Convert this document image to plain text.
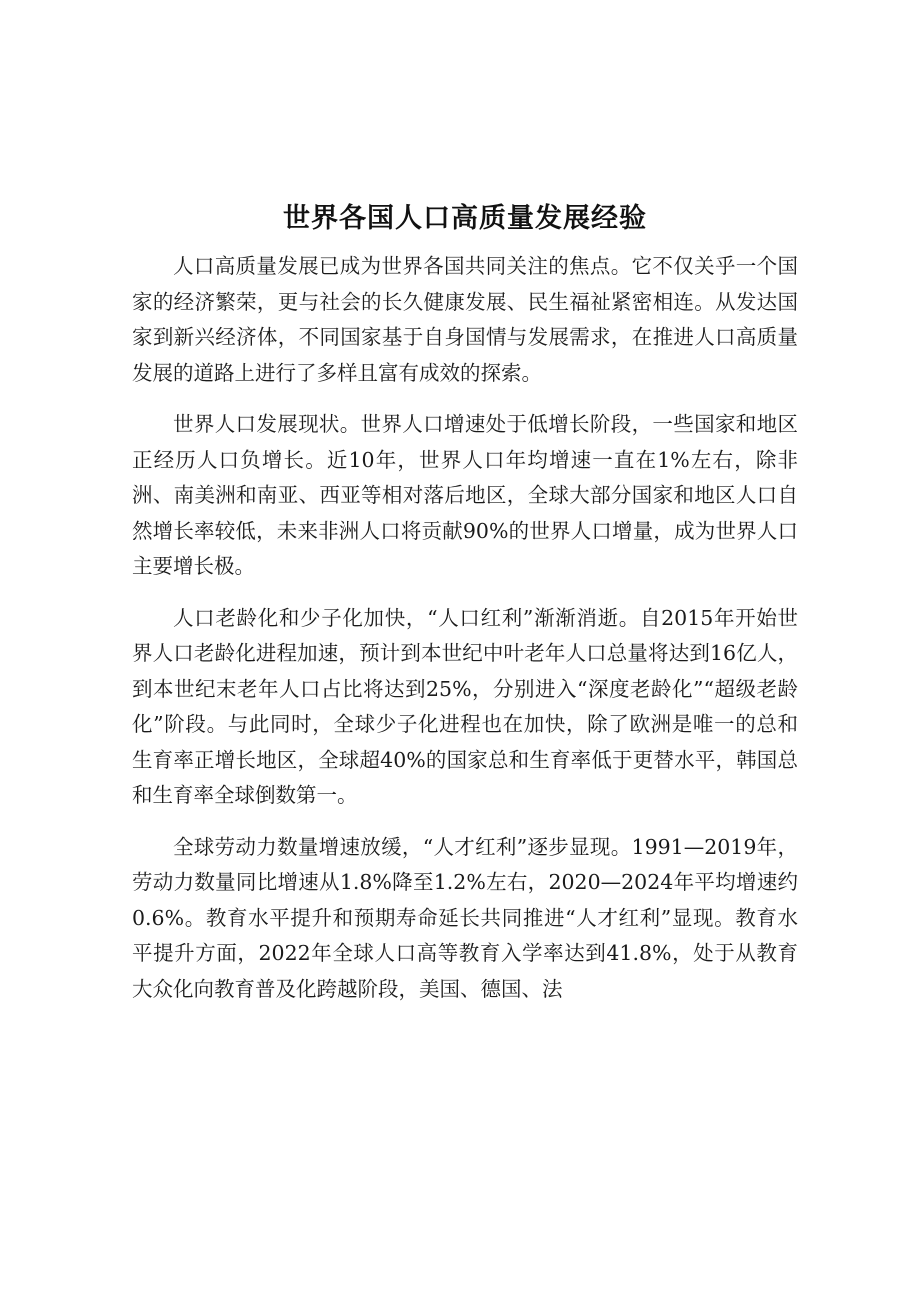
世界各国人口高质量发展经验

人口高质量发展已成为世界各国共同关注的焦点。它不仅关乎一个国家的经济繁荣，更与社会的长久健康发展、民生福祉紧密相连。从发达国家到新兴经济体，不同国家基于自身国情与发展需求，在推进人口高质量发展的道路上进行了多样且富有成效的探索。

世界人口发展现状。世界人口增速处于低增长阶段，一些国家和地区正经历人口负增长。近10年，世界人口年均增速一直在1%左右，除非洲、南美洲和南亚、西亚等相对落后地区，全球大部分国家和地区人口自然增长率较低，未来非洲人口将贡献90%的世界人口增量，成为世界人口主要增长极。

人口老龄化和少子化加快，“人口红利”渐渐消逝。自2015年开始世界人口老龄化进程加速，预计到本世纪中叶老年人口总量将达到16亿人，到本世纪末老年人口占比将达到25%，分别进入“深度老龄化”“超级老龄化”阶段。与此同时，全球少子化进程也在加快，除了欧洲是唯一的总和生育率正增长地区，全球超40%的国家总和生育率低于更替水平，韩国总和生育率全球倒数第一。

全球劳动力数量增速放缓，“人才红利”逐步显现。1991—2019年，劳动力数量同比增速从1.8%降至1.2%左右，2020—2024年平均增速约0.6%。教育水平提升和预期寿命延长共同推进“人才红利”显现。教育水平提升方面，2022年全球人口高等教育入学率达到41.8%，处于从教育大众化向教育普及化跨越阶段，美国、德国、法
